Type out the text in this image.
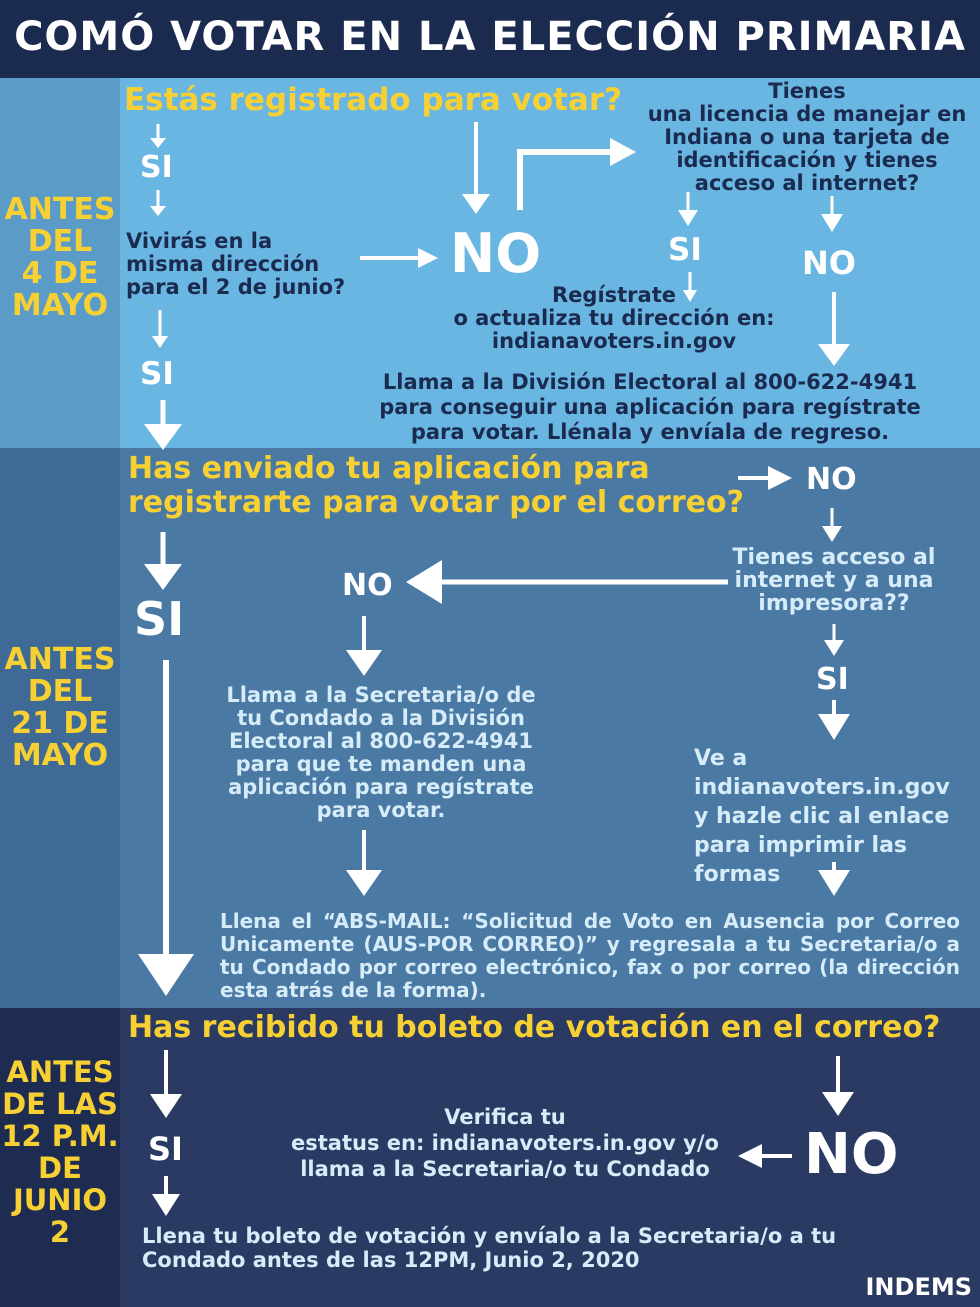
COMÓ VOTAR EN LA ELECCIÓN PRIMARIA
ANTES
DEL
4 DE
MAYO
ANTES
DEL
21 DE
MAYO
ANTES
DE LAS
12 P.M.
DE
JUNIO
2
Estás registrado para votar?
SI
Vivirás en la
misma dirección
para el 2 de junio?
SI
NO
Tienes
una licencia de manejar en
Indiana o una tarjeta de
identificación y tienes
acceso al internet?
SI	NO
Regístrate
o actualiza tu dirección en:
indianavoters.in.gov
Llama a la División Electoral al 800-622-4941
para conseguir una aplicación para regístrate
para votar. Llénala y envíala de regreso.
Has enviado tu aplicación para
registrarte para votar por el correo?
NO
SI
Tienes acceso al
internet y a una
impresora??
NO
SI
Llama a la Secretaria/o de
tu Condado a la División
Electoral al 800-622-4941
para que te manden una
aplicación para regístrate
para votar.
Ve a
indianavoters.in.gov
y hazle clic al enlace
para imprimir las
formas
Llena el “ABS-MAIL: “Solicitud de Voto en Ausencia por Correo Unicamente (AUS-POR CORREO)” y regresala a tu Secretaria/o a tu Condado por correo electrónico, fax o por correo (la dirección esta atrás de la forma).
Has recibido tu boleto de votación en el correo?
SI	NO
Verifica tu
estatus en: indianavoters.in.gov y/o
llama a la Secretaria/o tu Condado
Llena tu boleto de votación y envíalo a la Secretaria/o a tu
Condado antes de las 12PM, Junio 2, 2020
INDEMS
